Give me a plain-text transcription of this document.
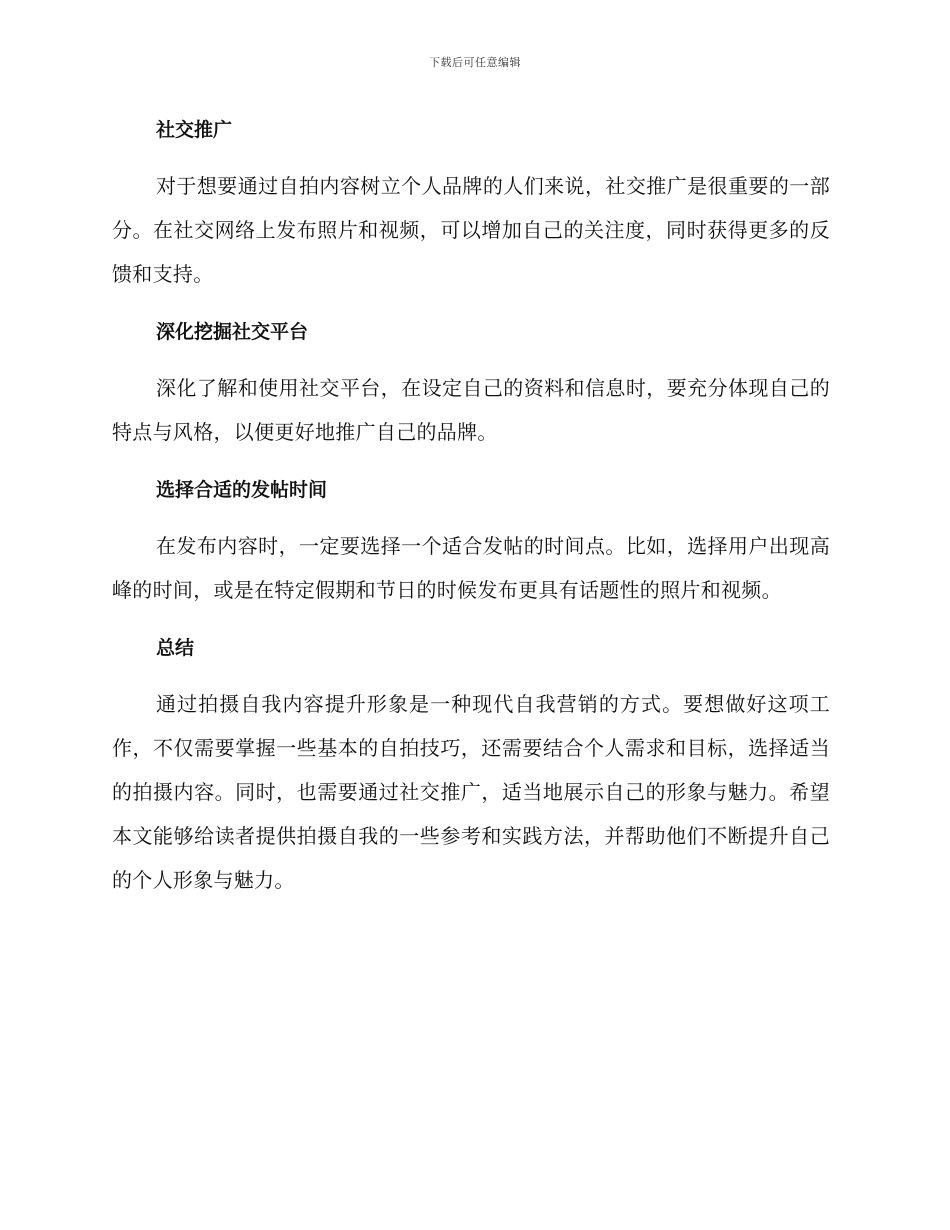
下载后可任意编辑
社交推广

对于想要通过自拍内容树立个人品牌的人们来说，社交推广是很重要的一部分。在社交网络上发布照片和视频，可以增加自己的关注度，同时获得更多的反馈和支持。

深化挖掘社交平台

深化了解和使用社交平台，在设定自己的资料和信息时，要充分体现自己的特点与风格，以便更好地推广自己的品牌。

选择合适的发帖时间

在发布内容时，一定要选择一个适合发帖的时间点。比如，选择用户出现高峰的时间，或是在特定假期和节日的时候发布更具有话题性的照片和视频。

总结

通过拍摄自我内容提升形象是一种现代自我营销的方式。要想做好这项工作，不仅需要掌握一些基本的自拍技巧，还需要结合个人需求和目标，选择适当的拍摄内容。同时，也需要通过社交推广，适当地展示自己的形象与魅力。希望本文能够给读者提供拍摄自我的一些参考和实践方法，并帮助他们不断提升自己的个人形象与魅力。
